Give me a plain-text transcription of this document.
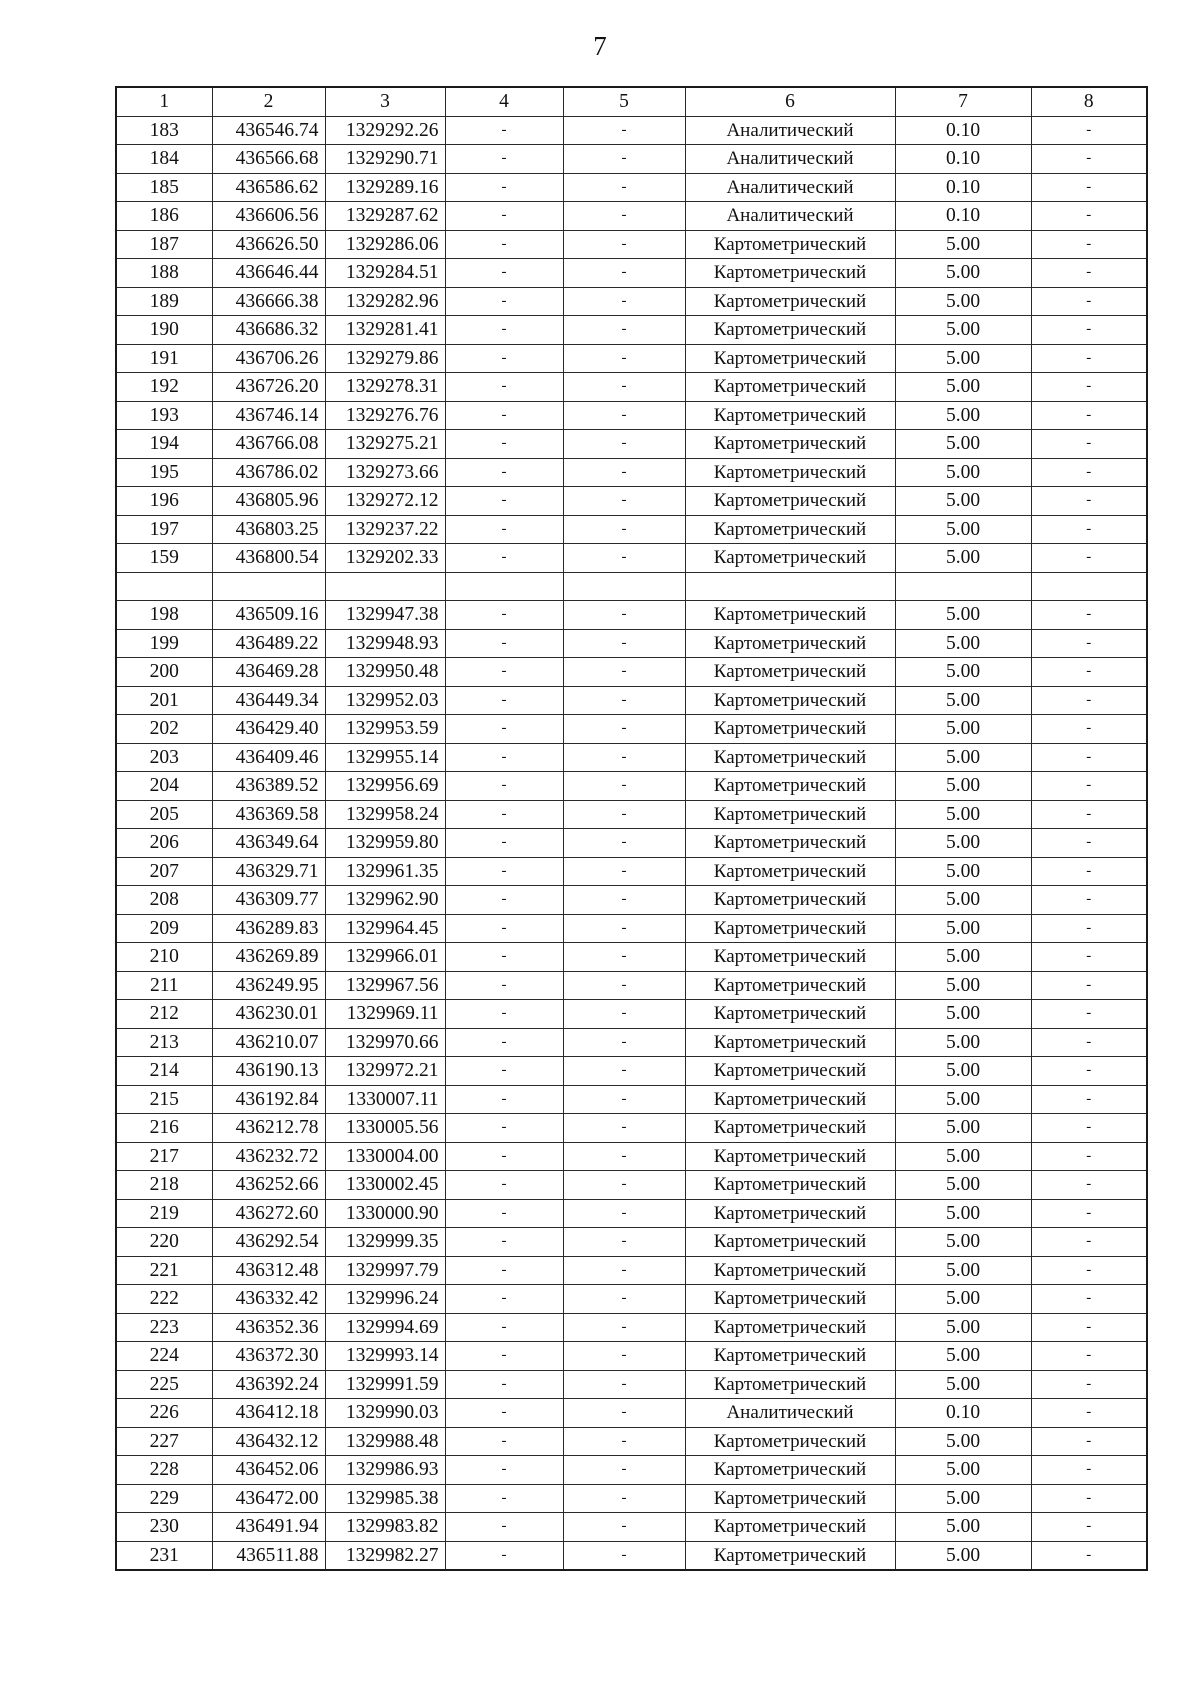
7
1	2	3	4	5	6	7	8
183	436546.74	1329292.26	-	-	Аналитический	0.10	-
184	436566.68	1329290.71	-	-	Аналитический	0.10	-
185	436586.62	1329289.16	-	-	Аналитический	0.10	-
186	436606.56	1329287.62	-	-	Аналитический	0.10	-
187	436626.50	1329286.06	-	-	Картометрический	5.00	-
188	436646.44	1329284.51	-	-	Картометрический	5.00	-
189	436666.38	1329282.96	-	-	Картометрический	5.00	-
190	436686.32	1329281.41	-	-	Картометрический	5.00	-
191	436706.26	1329279.86	-	-	Картометрический	5.00	-
192	436726.20	1329278.31	-	-	Картометрический	5.00	-
193	436746.14	1329276.76	-	-	Картометрический	5.00	-
194	436766.08	1329275.21	-	-	Картометрический	5.00	-
195	436786.02	1329273.66	-	-	Картометрический	5.00	-
196	436805.96	1329272.12	-	-	Картометрический	5.00	-
197	436803.25	1329237.22	-	-	Картометрический	5.00	-
159	436800.54	1329202.33	-	-	Картометрический	5.00	-

198	436509.16	1329947.38	-	-	Картометрический	5.00	-
199	436489.22	1329948.93	-	-	Картометрический	5.00	-
200	436469.28	1329950.48	-	-	Картометрический	5.00	-
201	436449.34	1329952.03	-	-	Картометрический	5.00	-
202	436429.40	1329953.59	-	-	Картометрический	5.00	-
203	436409.46	1329955.14	-	-	Картометрический	5.00	-
204	436389.52	1329956.69	-	-	Картометрический	5.00	-
205	436369.58	1329958.24	-	-	Картометрический	5.00	-
206	436349.64	1329959.80	-	-	Картометрический	5.00	-
207	436329.71	1329961.35	-	-	Картометрический	5.00	-
208	436309.77	1329962.90	-	-	Картометрический	5.00	-
209	436289.83	1329964.45	-	-	Картометрический	5.00	-
210	436269.89	1329966.01	-	-	Картометрический	5.00	-
211	436249.95	1329967.56	-	-	Картометрический	5.00	-
212	436230.01	1329969.11	-	-	Картометрический	5.00	-
213	436210.07	1329970.66	-	-	Картометрический	5.00	-
214	436190.13	1329972.21	-	-	Картометрический	5.00	-
215	436192.84	1330007.11	-	-	Картометрический	5.00	-
216	436212.78	1330005.56	-	-	Картометрический	5.00	-
217	436232.72	1330004.00	-	-	Картометрический	5.00	-
218	436252.66	1330002.45	-	-	Картометрический	5.00	-
219	436272.60	1330000.90	-	-	Картометрический	5.00	-
220	436292.54	1329999.35	-	-	Картометрический	5.00	-
221	436312.48	1329997.79	-	-	Картометрический	5.00	-
222	436332.42	1329996.24	-	-	Картометрический	5.00	-
223	436352.36	1329994.69	-	-	Картометрический	5.00	-
224	436372.30	1329993.14	-	-	Картометрический	5.00	-
225	436392.24	1329991.59	-	-	Картометрический	5.00	-
226	436412.18	1329990.03	-	-	Аналитический	0.10	-
227	436432.12	1329988.48	-	-	Картометрический	5.00	-
228	436452.06	1329986.93	-	-	Картометрический	5.00	-
229	436472.00	1329985.38	-	-	Картометрический	5.00	-
230	436491.94	1329983.82	-	-	Картометрический	5.00	-
231	436511.88	1329982.27	-	-	Картометрический	5.00	-
